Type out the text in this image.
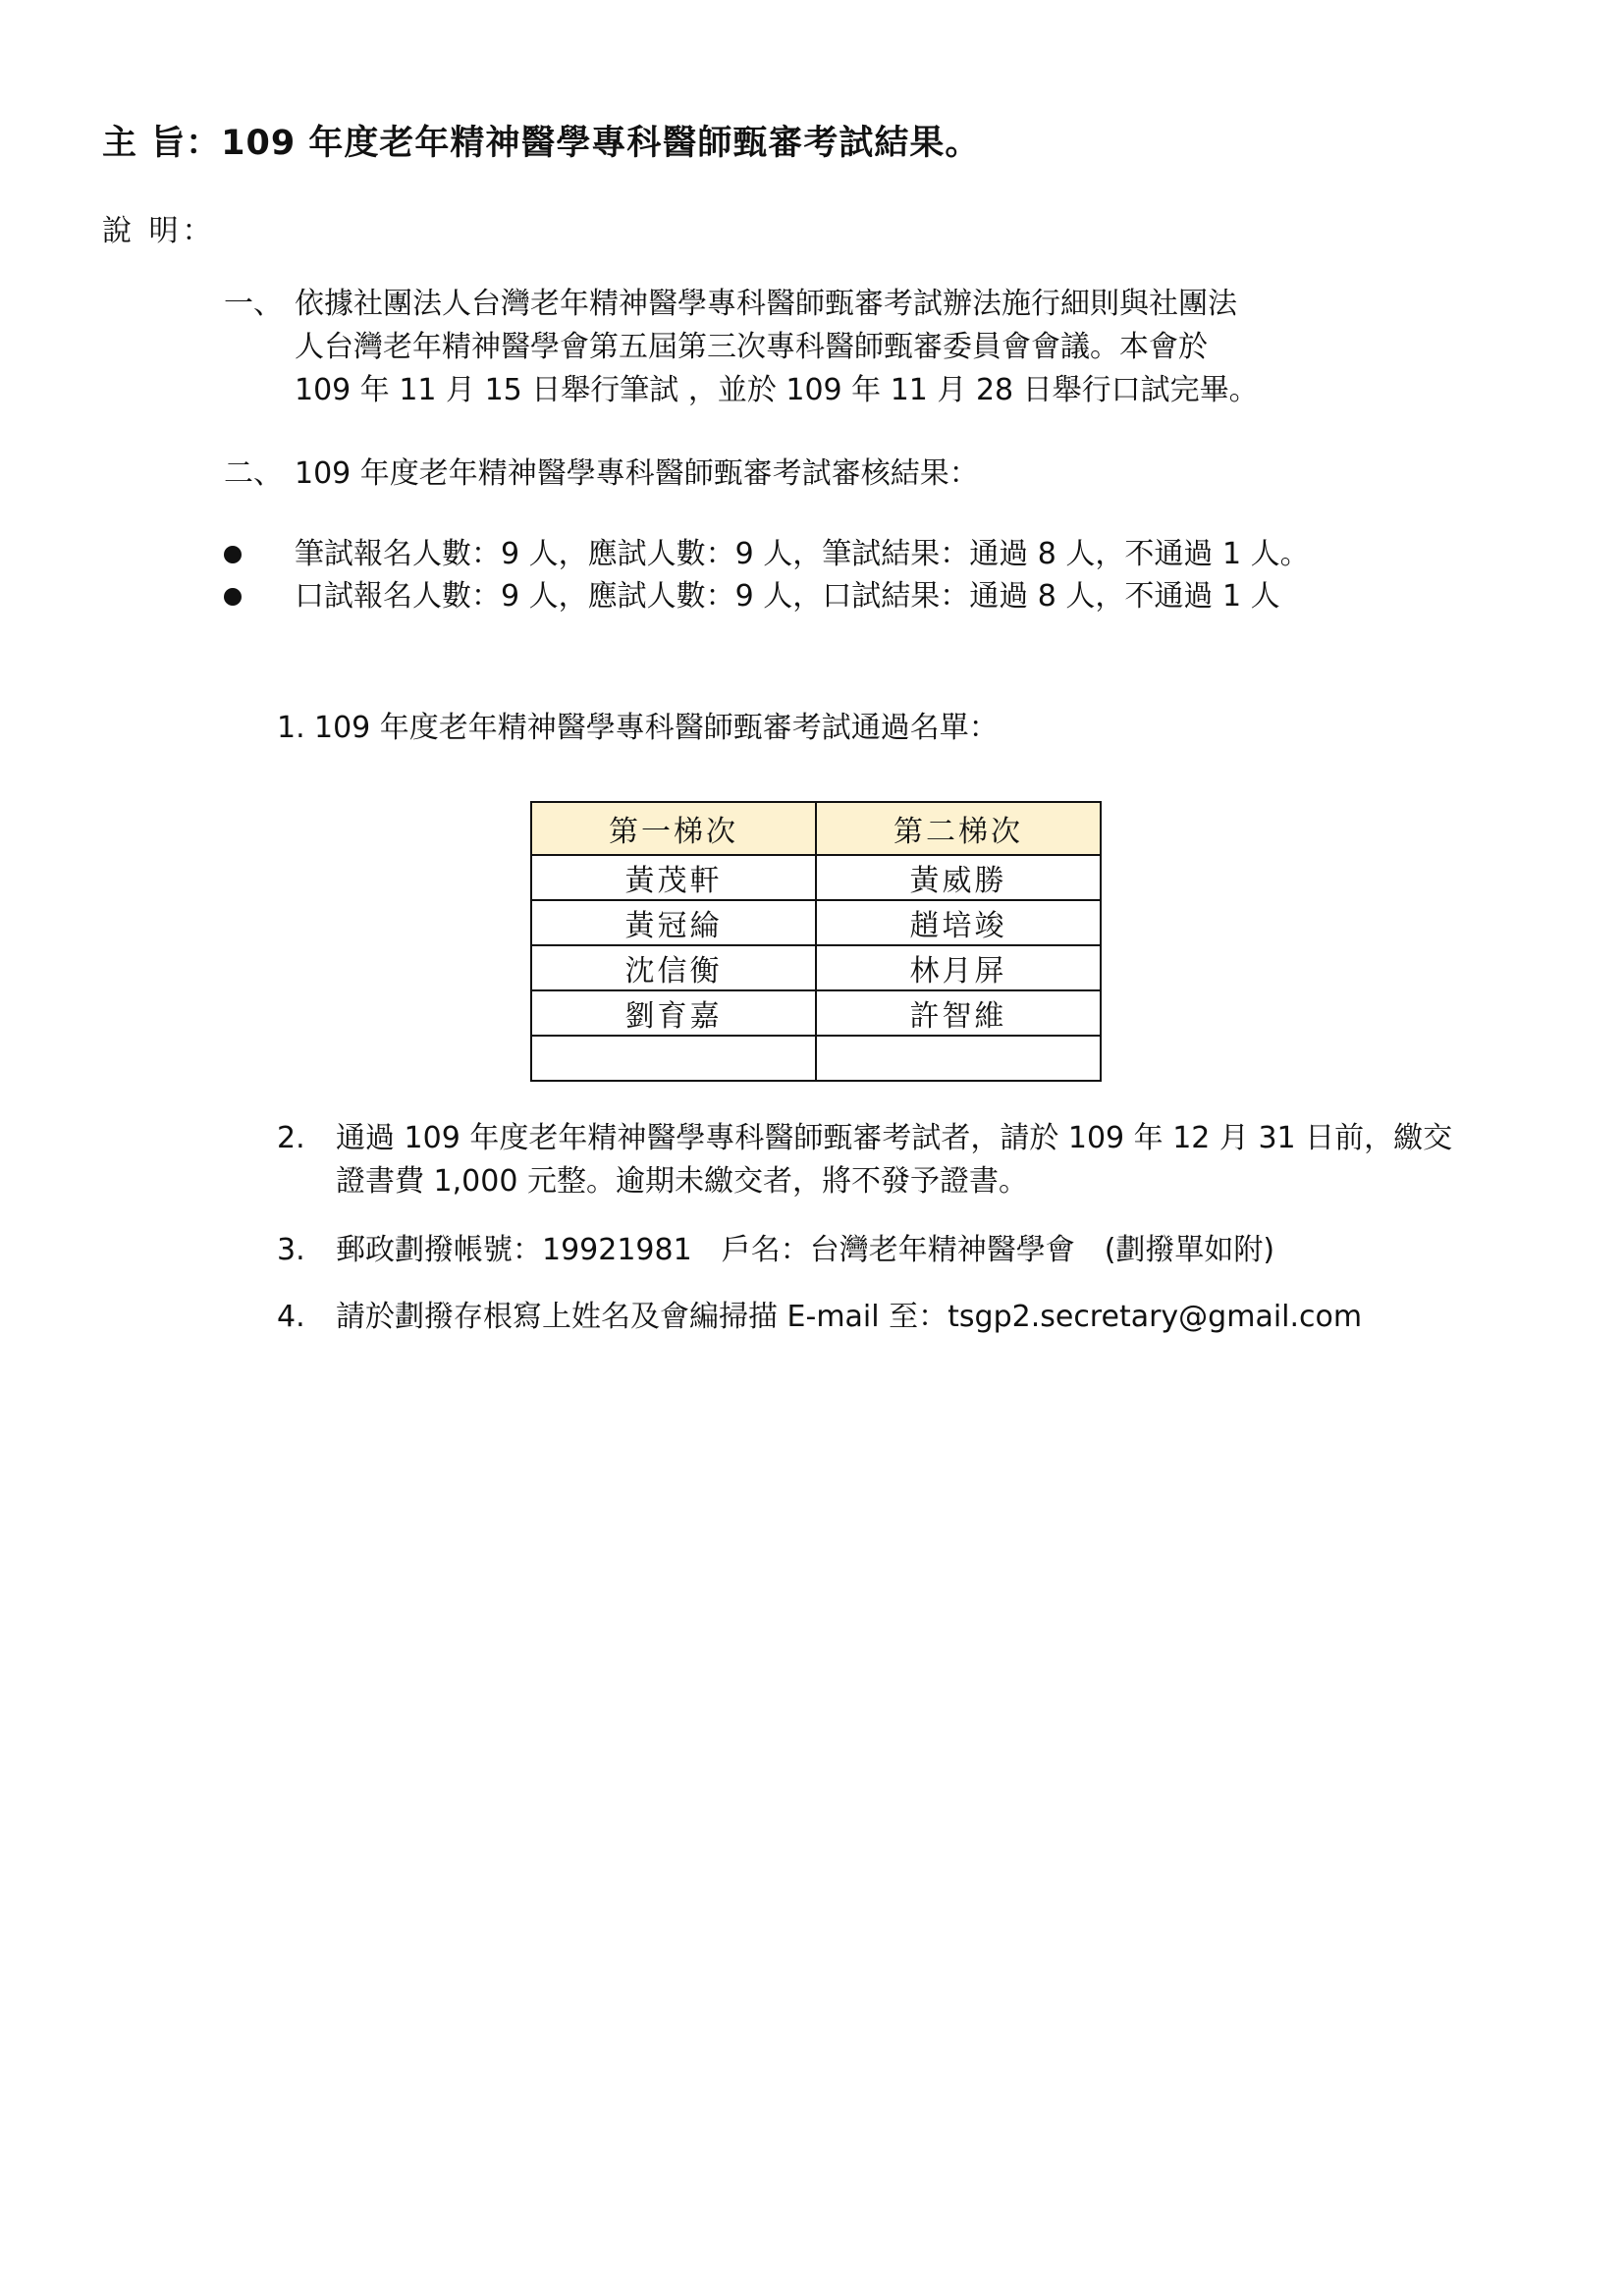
主 旨：109 年度老年精神醫學專科醫師甄審考試結果。
說 明：
一、 依據社團法人台灣老年精神醫學專科醫師甄審考試辦法施行細則與社團法
人台灣老年精神醫學會第五屆第三次專科醫師甄審委員會會議。本會於
109 年 11 月 15 日舉行筆試 ，並於 109 年 11 月 28 日舉行口試完畢。
二、 109 年度老年精神醫學專科醫師甄審考試審核結果：
筆試報名人數：9 人，應試人數：9 人，筆試結果：通過 8 人，不通過 1 人。
口試報名人數：9 人，應試人數：9 人，口試結果：通過 8 人，不通過 1 人
1. 109 年度老年精神醫學專科醫師甄審考試通過名單：
第一梯次	第二梯次
黃茂軒	黃威勝
黃冠綸	趙培竣
沈信衡	林月屏
劉育嘉	許智維

2. 通過 109 年度老年精神醫學專科醫師甄審考試者，請於 109 年 12 月 31 日前，繳交
證書費 1,000 元整。逾期未繳交者，將不發予證書。
3. 郵政劃撥帳號：19921981　戶名：台灣老年精神醫學會　(劃撥單如附)
4. 請於劃撥存根寫上姓名及會編掃描 E-mail 至：tsgp2.secretary@gmail.com
